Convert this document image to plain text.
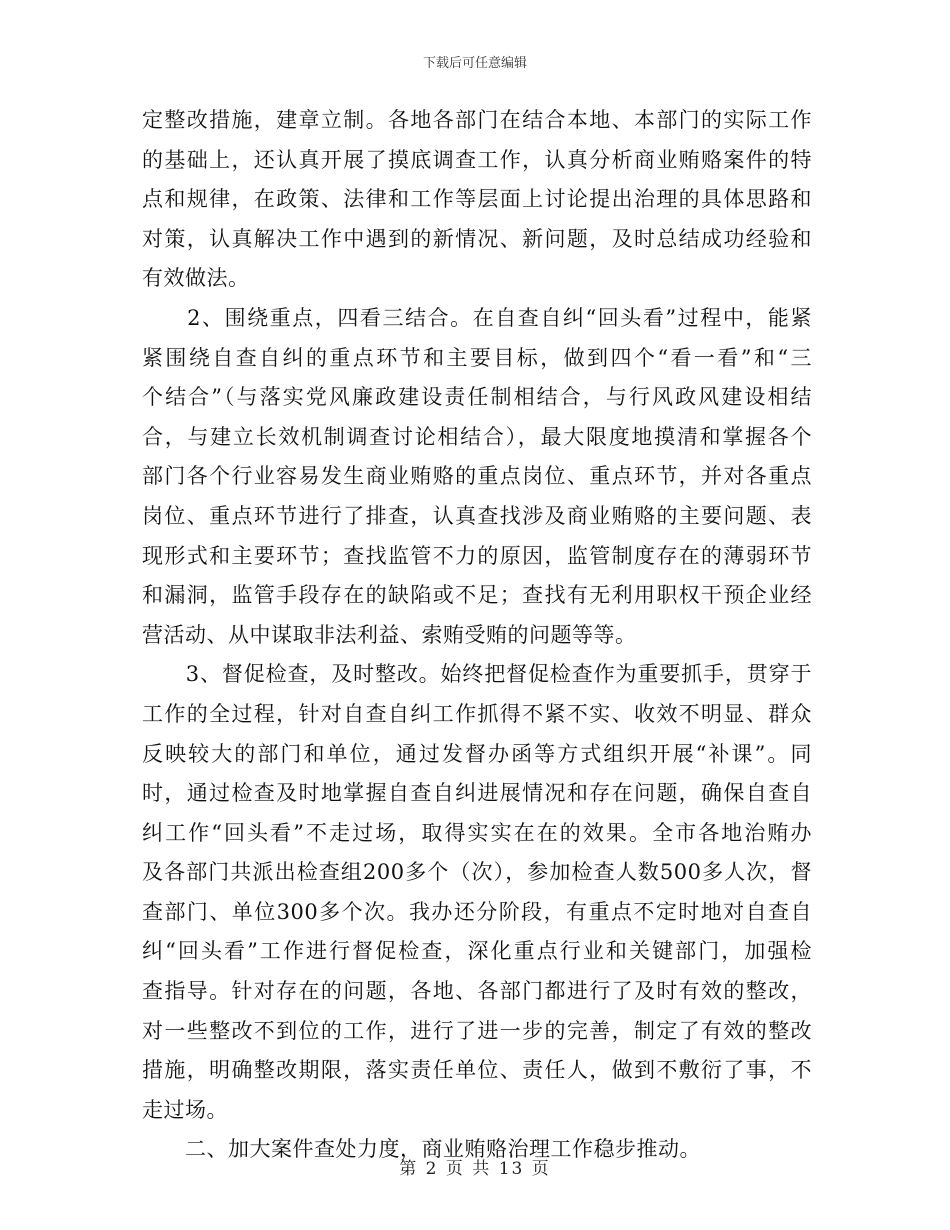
下载后可任意编辑
定整改措施，建章立制。各地各部门在结合本地、本部门的实际工作
的基础上，还认真开展了摸底调查工作，认真分析商业贿赂案件的特
点和规律，在政策、法律和工作等层面上讨论提出治理的具体思路和
对策，认真解决工作中遇到的新情况、新问题，及时总结成功经验和
有效做法。
　　2、围绕重点，四看三结合。在自查自纠“回头看”过程中，能紧
紧围绕自查自纠的重点环节和主要目标，做到四个“看一看”和“三
个结合”（与落实党风廉政建设责任制相结合，与行风政风建设相结
合，与建立长效机制调查讨论相结合），最大限度地摸清和掌握各个
部门各个行业容易发生商业贿赂的重点岗位、重点环节，并对各重点
岗位、重点环节进行了排查，认真查找涉及商业贿赂的主要问题、表
现形式和主要环节；查找监管不力的原因，监管制度存在的薄弱环节
和漏洞，监管手段存在的缺陷或不足；查找有无利用职权干预企业经
营活动、从中谋取非法利益、索贿受贿的问题等等。
　　3、督促检查，及时整改。始终把督促检查作为重要抓手，贯穿于
工作的全过程，针对自查自纠工作抓得不紧不实、收效不明显、群众
反映较大的部门和单位，通过发督办函等方式组织开展“补课”。同
时，通过检查及时地掌握自查自纠进展情况和存在问题，确保自查自
纠工作“回头看”不走过场，取得实实在在的效果。全市各地治贿办
及各部门共派出检查组200多个（次），参加检查人数500多人次，督
查部门、单位300多个次。我办还分阶段，有重点不定时地对自查自
纠“回头看”工作进行督促检查，深化重点行业和关键部门，加强检
查指导。针对存在的问题，各地、各部门都进行了及时有效的整改，
对一些整改不到位的工作，进行了进一步的完善，制定了有效的整改
措施，明确整改期限，落实责任单位、责任人，做到不敷衍了事，不
走过场。
　　二、加大案件查处力度，商业贿赂治理工作稳步推动。
第 2 页 共 13 页
